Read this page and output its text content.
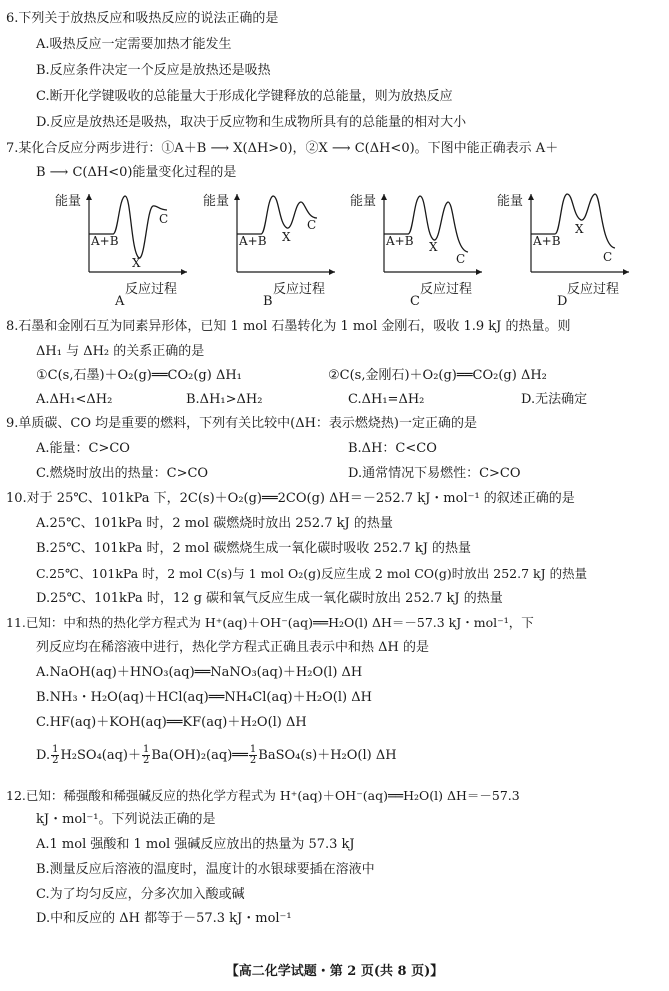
6.下列关于放热反应和吸热反应的说法正确的是
A.吸热反应一定需要加热才能发生
B.反应条件决定一个反应是放热还是吸热
C.断开化学键吸收的总能量大于形成化学键释放的总能量，则为放热反应
D.反应是放热还是吸热，取决于反应物和生成物所具有的总能量的相对大小
7.某化合反应分两步进行：①A＋B ⟶ X(ΔH>0)，②X ⟶ C(ΔH<0)。下图中能正确表示 A＋
B ⟶ C(ΔH<0)能量变化过程的是
能量
A+B
X
C
反应过程
A
能量
A+B X
C
反应过程
B
能量
A+B X
C
反应过程
C
能量
A+B
X
C
反应过程
D
8.石墨和金刚石互为同素异形体，已知 1 mol 石墨转化为 1 mol 金刚石，吸收 1.9 kJ 的热量。则
ΔH₁ 与 ΔH₂ 的关系正确的是
①C(s,石墨)＋O₂(g)══CO₂(g) ΔH₁	②C(s,金刚石)＋O₂(g)══CO₂(g) ΔH₂
A.ΔH₁<ΔH₂	B.ΔH₁>ΔH₂	C.ΔH₁=ΔH₂	D.无法确定
9.单质碳、CO 均是重要的燃料，下列有关比较中(ΔH：表示燃烧热)一定正确的是
A.能量：C>CO	B.ΔH：C<CO
C.燃烧时放出的热量：C>CO	D.通常情况下易燃性：C>CO
10.对于 25℃、101kPa 下，2C(s)＋O₂(g)══2CO(g) ΔH＝－252.7 kJ・mol⁻¹ 的叙述正确的是
A.25℃、101kPa 时，2 mol 碳燃烧时放出 252.7 kJ 的热量
B.25℃、101kPa 时，2 mol 碳燃烧生成一氧化碳时吸收 252.7 kJ 的热量
C.25℃、101kPa 时，2 mol C(s)与 1 mol O₂(g)反应生成 2 mol CO(g)时放出 252.7 kJ 的热量
D.25℃、101kPa 时，12 g 碳和氧气反应生成一氧化碳时放出 252.7 kJ 的热量
11.已知：中和热的热化学方程式为 H⁺(aq)＋OH⁻(aq)══H₂O(l) ΔH＝－57.3 kJ・mol⁻¹，下
列反应均在稀溶液中进行，热化学方程式正确且表示中和热 ΔH 的是
A.NaOH(aq)＋HNO₃(aq)══NaNO₃(aq)＋H₂O(l) ΔH
B.NH₃・H₂O(aq)＋HCl(aq)══NH₄Cl(aq)＋H₂O(l) ΔH
C.HF(aq)＋KOH(aq)══KF(aq)＋H₂O(l) ΔH
D. $\frac{1}{2} H_2SO_4(aq)+ \frac{1}{2}$ Ba(OH)₂(aq)══ $\frac{1}{2}$ BaSO₄(s)＋H₂O(l) ΔH
12.已知：稀强酸和稀强碱反应的热化学方程式为 H⁺(aq)＋OH⁻(aq)══H₂O(l) ΔH＝－57.3
kJ・mol⁻¹。下列说法正确的是
A.1 mol 强酸和 1 mol 强碱反应放出的热量为 57.3 kJ
B.测量反应后溶液的温度时，温度计的水银球要插在溶液中
C.为了均匀反应，分多次加入酸或碱
D.中和反应的 ΔH 都等于－57.3 kJ・mol⁻¹
【高二化学试题・第 2 页(共 8 页)】
